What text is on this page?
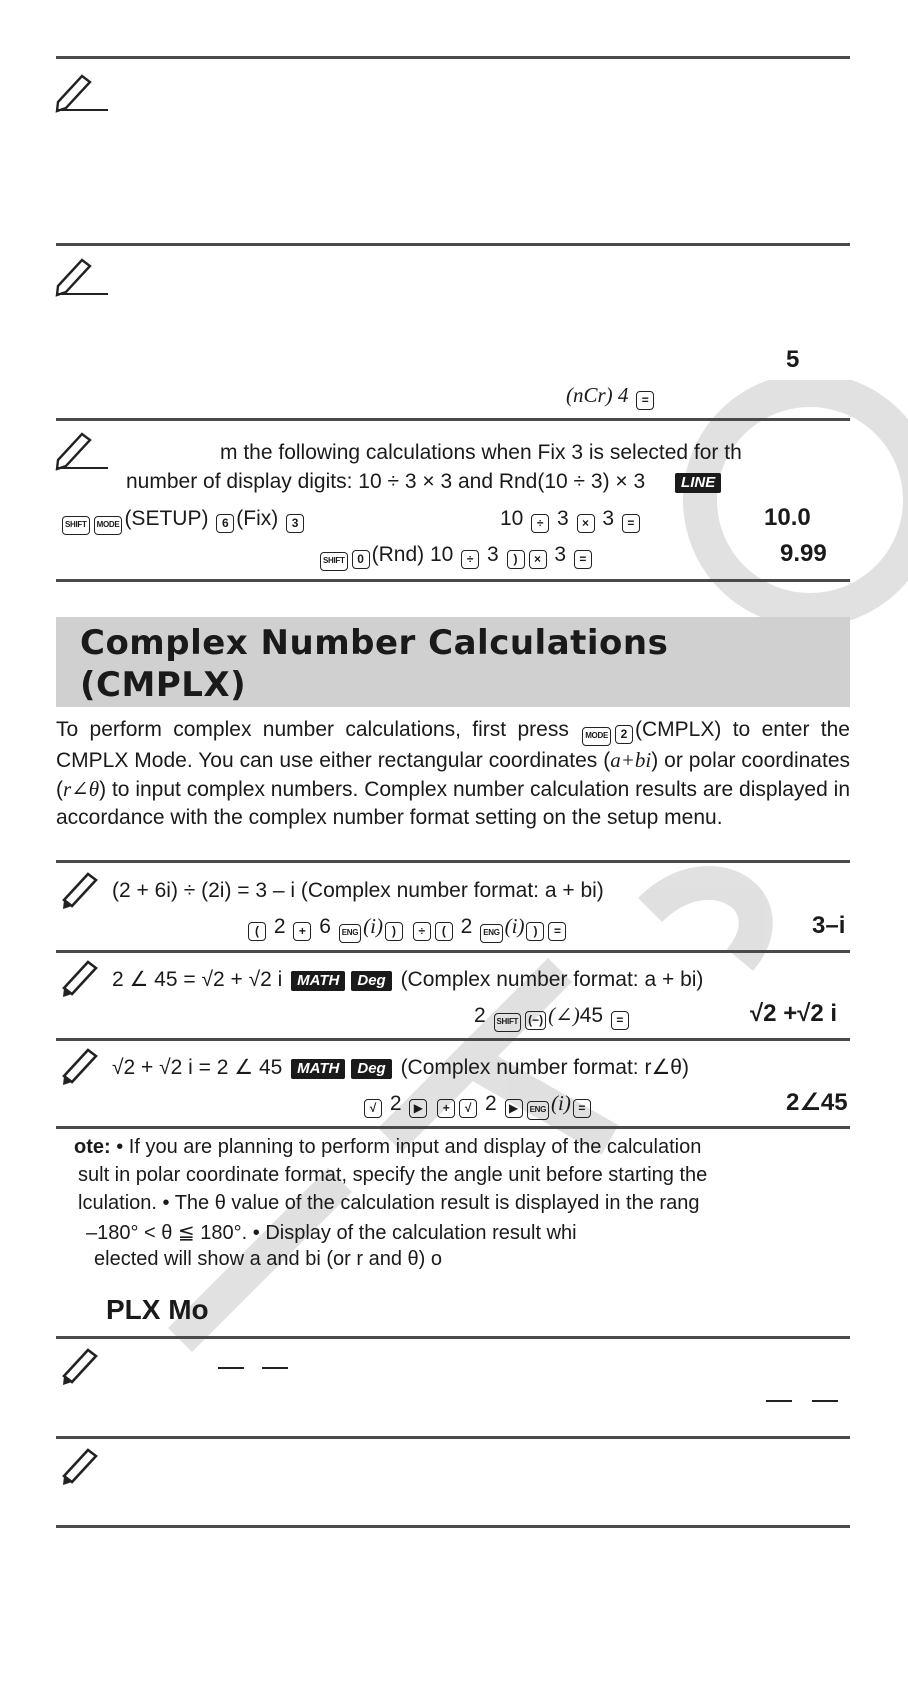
5
(nCr) 4 =
m the following calculations when Fix 3 is selected for th
number of display digits: 10 ÷ 3 × 3 and Rnd(10 ÷ 3) × 3 LINE
SHIFT MODE (SETUP) 6 (Fix) 3	10 ÷ 3 × 3 =	10.0
SHIFT 0 (Rnd) 10 ÷ 3 ) × 3 =	9.99
Complex Number Calculations
(CMPLX)
To perform complex number calculations, first press MODE 2 (CMPLX) to enter the CMPLX Mode. You can use either rectangular coordinates (a+bi) or polar coordinates (r∠θ) to input complex numbers. Complex number calculation results are displayed in accordance with the complex number format setting on the setup menu.
(2 + 6i) ÷ (2i) = 3 – i (Complex number format: a + bi)
( 2 + 6 ENG (i) ) ÷ ( 2 ENG (i) ) =	3–i
2 ∠ 45 = √2 + √2 i MATH Deg (Complex number format: a + bi)
2 SHIFT (−) (∠)45 =	√2 +√2 i
√2 + √2 i = 2 ∠ 45 MATH Deg (Complex number format: r∠θ)
√ 2 ▶ + √ 2 ▶ ENG (i) =	2∠45
ote: • If you are planning to perform input and display of the calculation
sult in polar coordinate format, specify the angle unit before starting the
lculation. • The θ value of the calculation result is displayed in the rang
–180° < θ ≦ 180°. • Display of the calculation result whi
elected will show a and bi (or r and θ) o
PLX Mo
